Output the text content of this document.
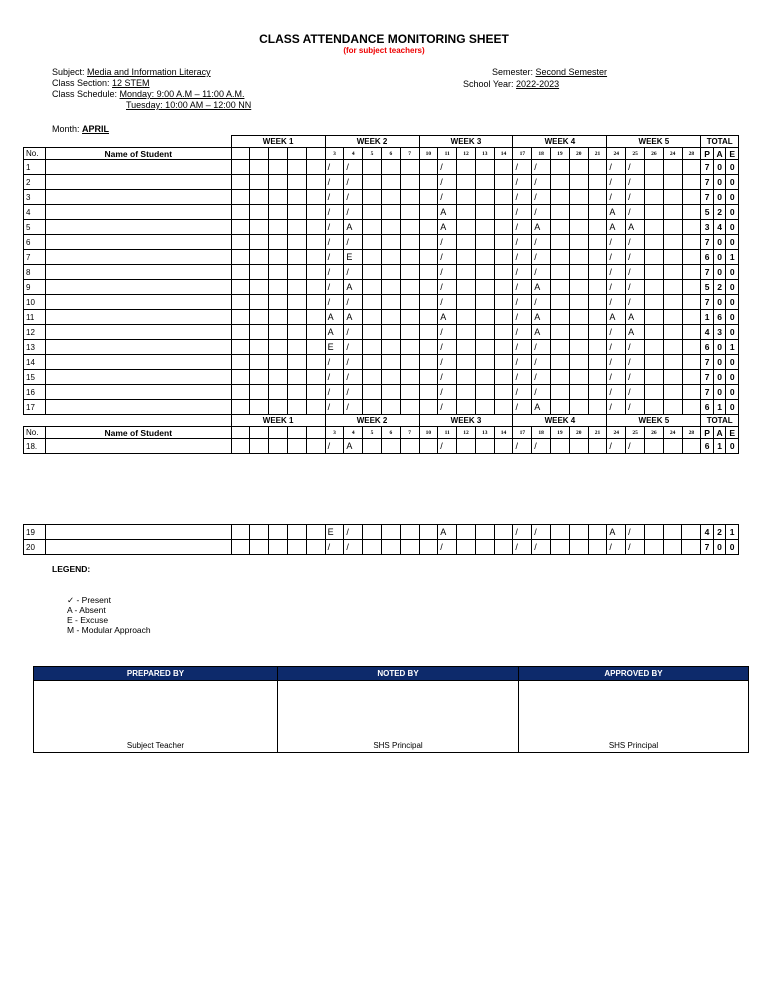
CLASS ATTENDANCE MONITORING SHEET
(for subject teachers)
Subject: Media and Information Literacy
Class Section: 12 STEM
Class Schedule: Monday: 9:00 A.M – 11:00 A.M.
Tuesday: 10:00 AM – 12:00 NN
Semester: Second Semester
School Year: 2022-2023
Month: APRIL
		WEEK 1					WEEK 2					WEEK 3					WEEK 4					WEEK 5					TOTAL		
No.	Name of Student						3	4	5	6	7	10	11	12	13	14	17	18	19	20	21	24	25	26	24	28	P	A	E
1							/	/					/				/	/				/	/				7	0	0
2							/	/					/				/	/				/	/				7	0	0
3							/	/					/				/	/				/	/				7	0	0
4							/	/					A				/	/				A	/				5	2	0
5							/	A					A				/	A				A	A				3	4	0
6							/	/					/				/	/				/	/				7	0	0
7							/	E					/				/	/				/	/				6	0	1
8							/	/					/				/	/				/	/				7	0	0
9							/	A					/				/	A				/	/				5	2	0
10							/	/					/				/	/				/	/				7	0	0
11							A	A					A				/	A				A	A				1	6	0
12							A	/					/				/	A				/	A				4	3	0
13							E	/					/				/	/				/	/				6	0	1
14							/	/					/				/	/				/	/				7	0	0
15							/	/					/				/	/				/	/				7	0	0
16							/	/					/				/	/				/	/				7	0	0
17							/	/					/				/	A				/	/				6	1	0
		WEEK 1					WEEK 2					WEEK 3					WEEK 4					WEEK 5					TOTAL		
No.	Name of Student						3	4	5	6	7	10	11	12	13	14	17	18	19	20	21	24	25	26	24	28	P	A	E
18.							/	A					/				/	/				/	/				6	1	0
19							E	/					A				/	/				A	/				4	2	1
20							/	/					/				/	/				/	/				7	0	0
LEGEND:
✓ - Present
A - Absent
E - Excuse
M - Modular Approach
PREPARED BY	NOTED BY	APPROVED BY
Subject Teacher	SHS Principal	SHS Principal
